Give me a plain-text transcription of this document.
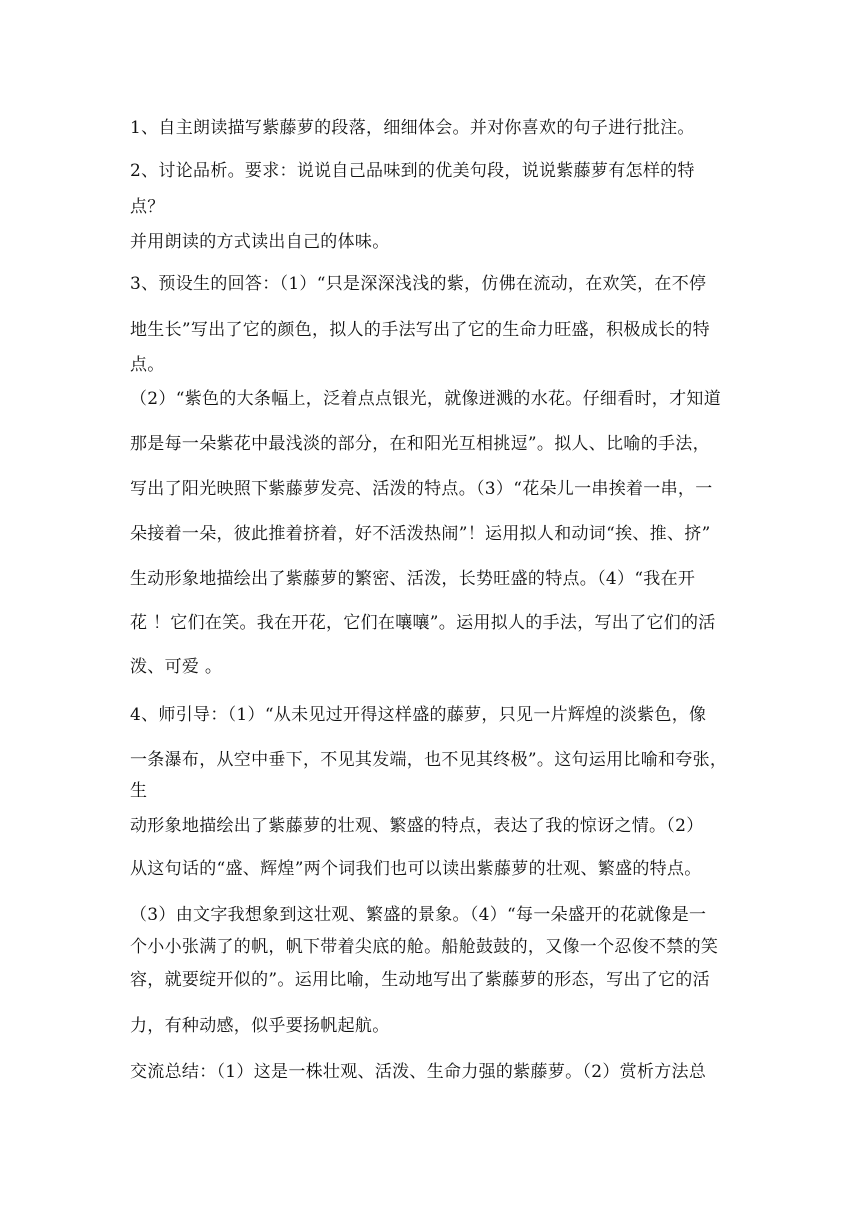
1、自主朗读描写紫藤萝的段落，细细体会。并对你喜欢的句子进行批注。
2、讨论品析。要求：说说自己品味到的优美句段，说说紫藤萝有怎样的特
点？
并用朗读的方式读出自己的体味。
3、预设生的回答：（1）“只是深深浅浅的紫，仿佛在流动，在欢笑，在不停
地生长”写出了它的颜色，拟人的手法写出了它的生命力旺盛，积极成长的特
点。
（2）“紫色的大条幅上，泛着点点银光，就像迸溅的水花。仔细看时，才知道
那是每一朵紫花中最浅淡的部分，在和阳光互相挑逗”。拟人、比喻的手法，
写出了阳光映照下紫藤萝发亮、活泼的特点。（3）“花朵儿一串挨着一串，一
朵接着一朵，彼此推着挤着，好不活泼热闹”！运用拟人和动词“挨、推、挤”
生动形象地描绘出了紫藤萝的繁密、活泼，长势旺盛的特点。（4）“我在开
花 ！它们在笑。我在开花，它们在嚷嚷”。运用拟人的手法，写出了它们的活
泼、可爱 。
4、师引导：（1）“从未见过开得这样盛的藤萝，只见一片辉煌的淡紫色，像
一条瀑布，从空中垂下，不见其发端，也不见其终极”。这句运用比喻和夸张，
生
动形象地描绘出了紫藤萝的壮观、繁盛的特点，表达了我的惊讶之情。（2）
从这句话的“盛、辉煌”两个词我们也可以读出紫藤萝的壮观、繁盛的特点。
（3）由文字我想象到这壮观、繁盛的景象。（4）“每一朵盛开的花就像是一
个小小张满了的帆，帆下带着尖底的舱。船舱鼓鼓的，又像一个忍俊不禁的笑
容，就要绽开似的”。运用比喻，生动地写出了紫藤萝的形态，写出了它的活
力，有种动感，似乎要扬帆起航。
交流总结：（1）这是一株壮观、活泼、生命力强的紫藤萝。（2）赏析方法总
